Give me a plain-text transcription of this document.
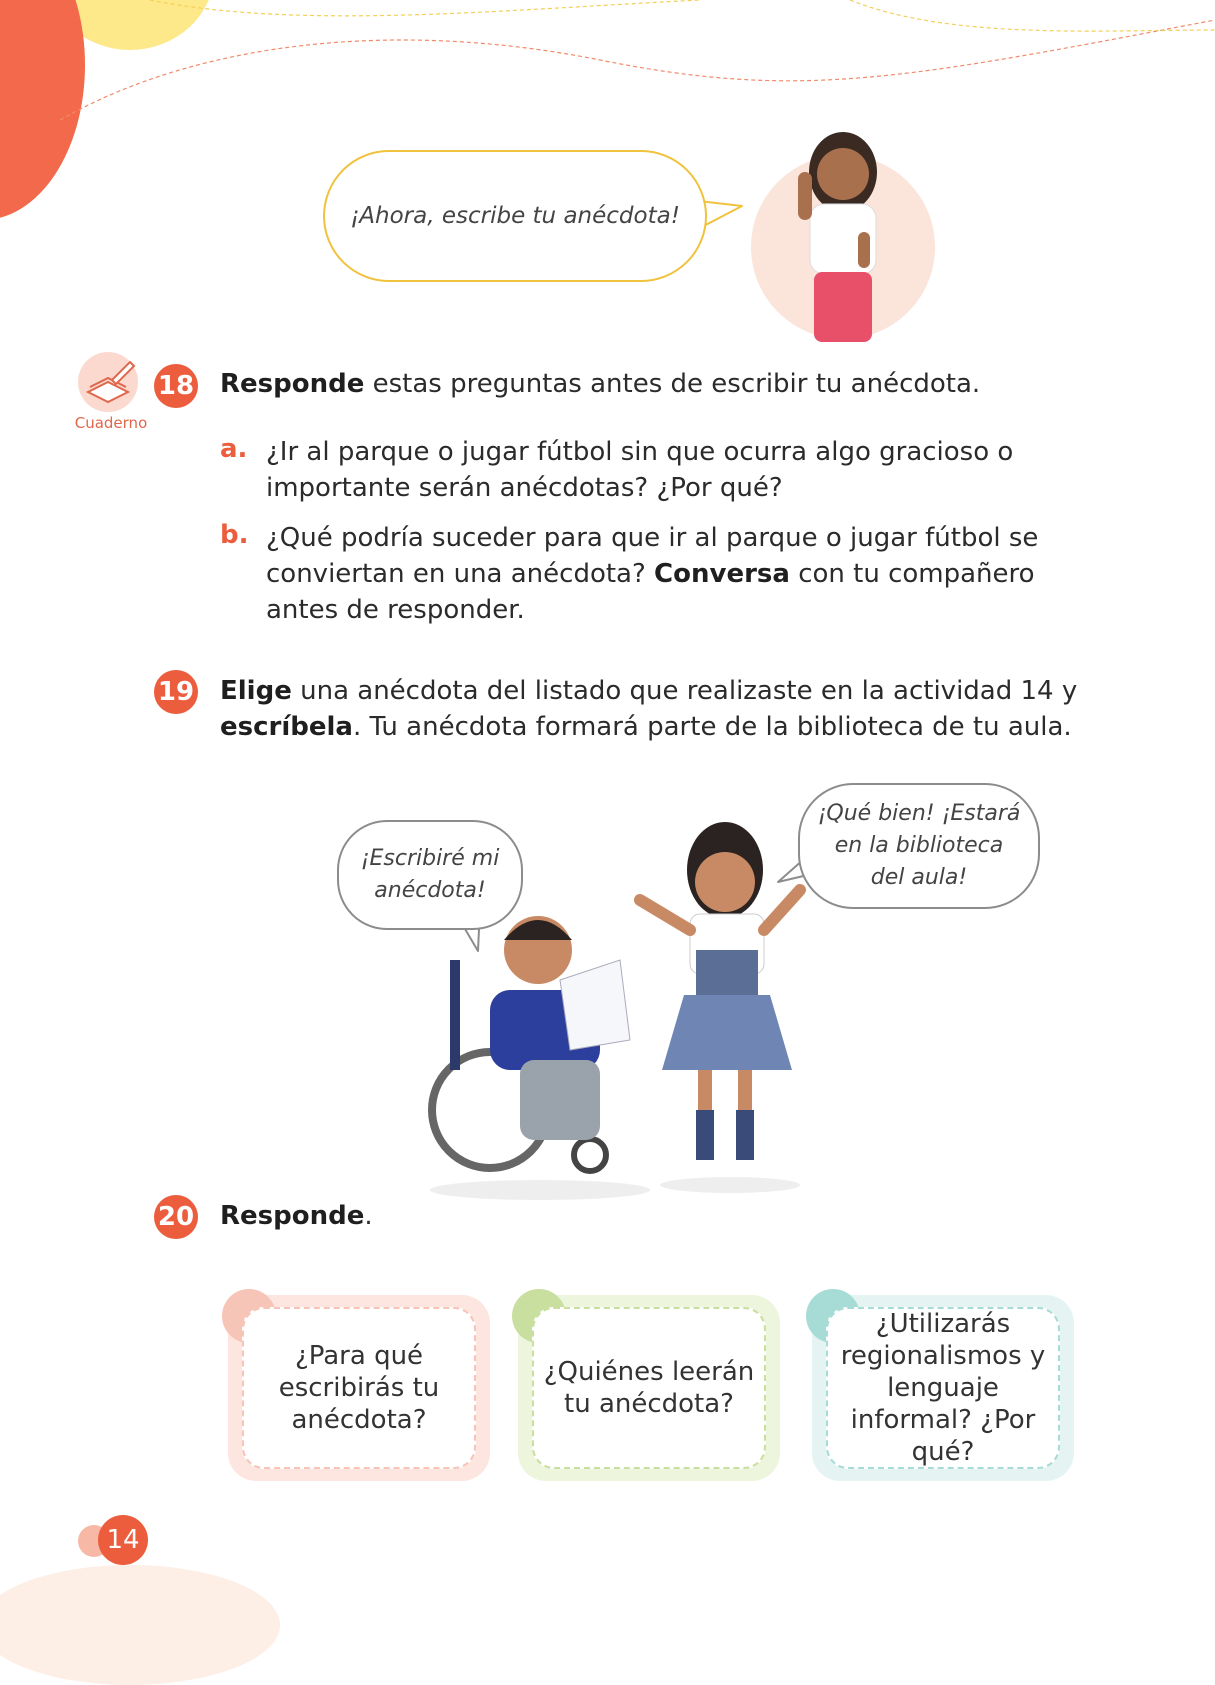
¡Ahora, escribe tu anécdota!
Cuaderno
18 Responde estas preguntas antes de escribir tu anécdota.
a. ¿Ir al parque o jugar fútbol sin que ocurra algo gracioso o
importante serán anécdotas? ¿Por qué?
b. ¿Qué podría suceder para que ir al parque o jugar fútbol se
conviertan en una anécdota? Conversa con tu compañero
antes de responder.
19 Elige una anécdota del listado que realizaste en la actividad 14 y
escríbela. Tu anécdota formará parte de la biblioteca de tu aula.
¡Escribiré mi
anécdota!
¡Qué bien! ¡Estará
en la biblioteca
del aula!
20 Responde.
¿Para qué escribirás tu anécdota?
¿Quiénes leerán tu anécdota?
¿Utilizarás regionalismos y lenguaje informal? ¿Por qué?
14
